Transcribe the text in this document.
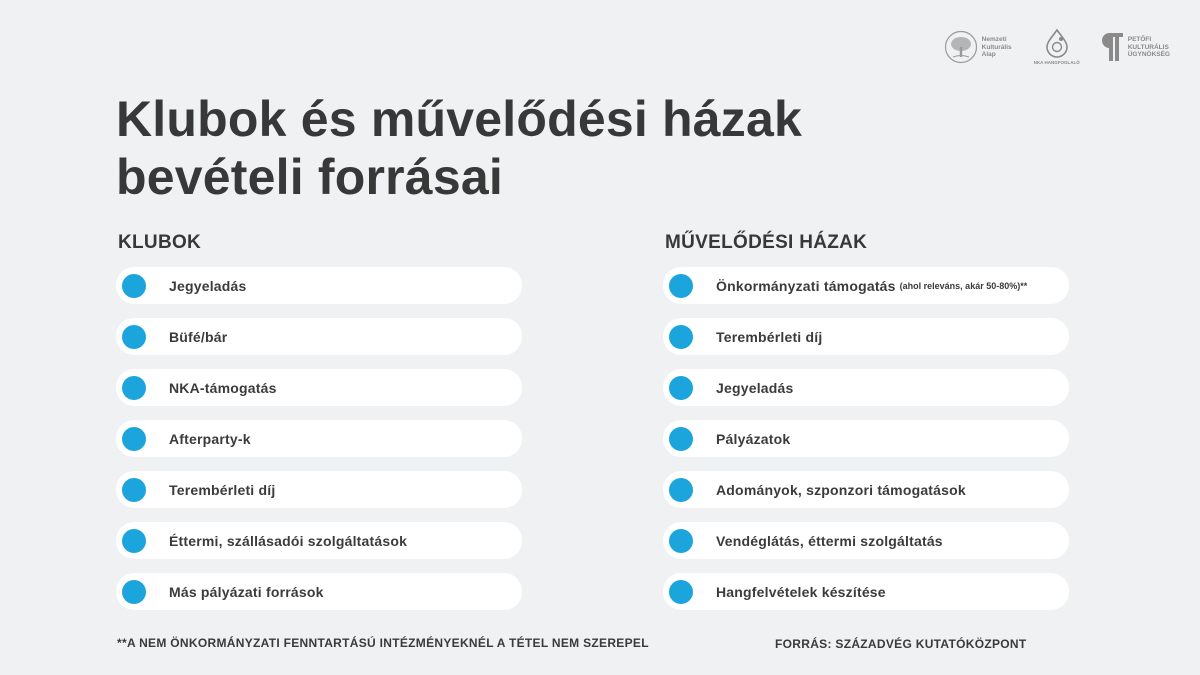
Nemzeti
Kulturális
Alap
NKA HANGFOGLALÓ
PETŐFI
KULTURÁLIS
ÜGYNÖKSÉG
Klubok és művelődési házak
bevételi forrásai
KLUBOK
Jegyeladás
Büfé/bár
NKA-támogatás
Afterparty-k
Terembérleti díj
Éttermi, szállásadói szolgáltatások
Más pályázati források
MŰVELŐDÉSI HÁZAK
Önkormányzati támogatás (ahol releváns, akár 50-80%)**
Terembérleti díj
Jegyeladás
Pályázatok
Adományok, szponzori támogatások
Vendéglátás, éttermi szolgáltatás
Hangfelvételek készítése
**A NEM ÖNKORMÁNYZATI FENNTARTÁSÚ INTÉZMÉNYEKNÉL A TÉTEL NEM SZEREPEL	FORRÁS: SZÁZADVÉG KUTATÓKÖZPONT
